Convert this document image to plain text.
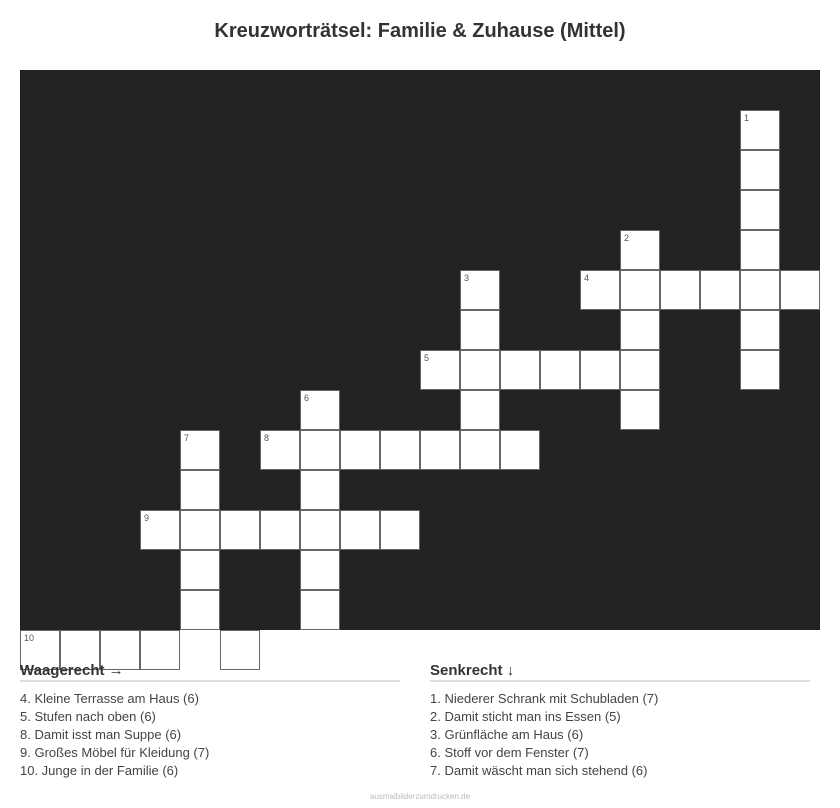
Kreuzworträtsel: Familie & Zuhause (Mittel)
1
2
3	4
5
6
7	8
9
10
Waagerecht →
4. Kleine Terrasse am Haus (6)
5. Stufen nach oben (6)
8. Damit isst man Suppe (6)
9. Großes Möbel für Kleidung (7)
10. Junge in der Familie (6)
Senkrecht ↓
1. Niederer Schrank mit Schubladen (7)
2. Damit sticht man ins Essen (5)
3. Grünfläche am Haus (6)
6. Stoff vor dem Fenster (7)
7. Damit wäscht man sich stehend (6)
ausmalbilderzumdrucken.de
